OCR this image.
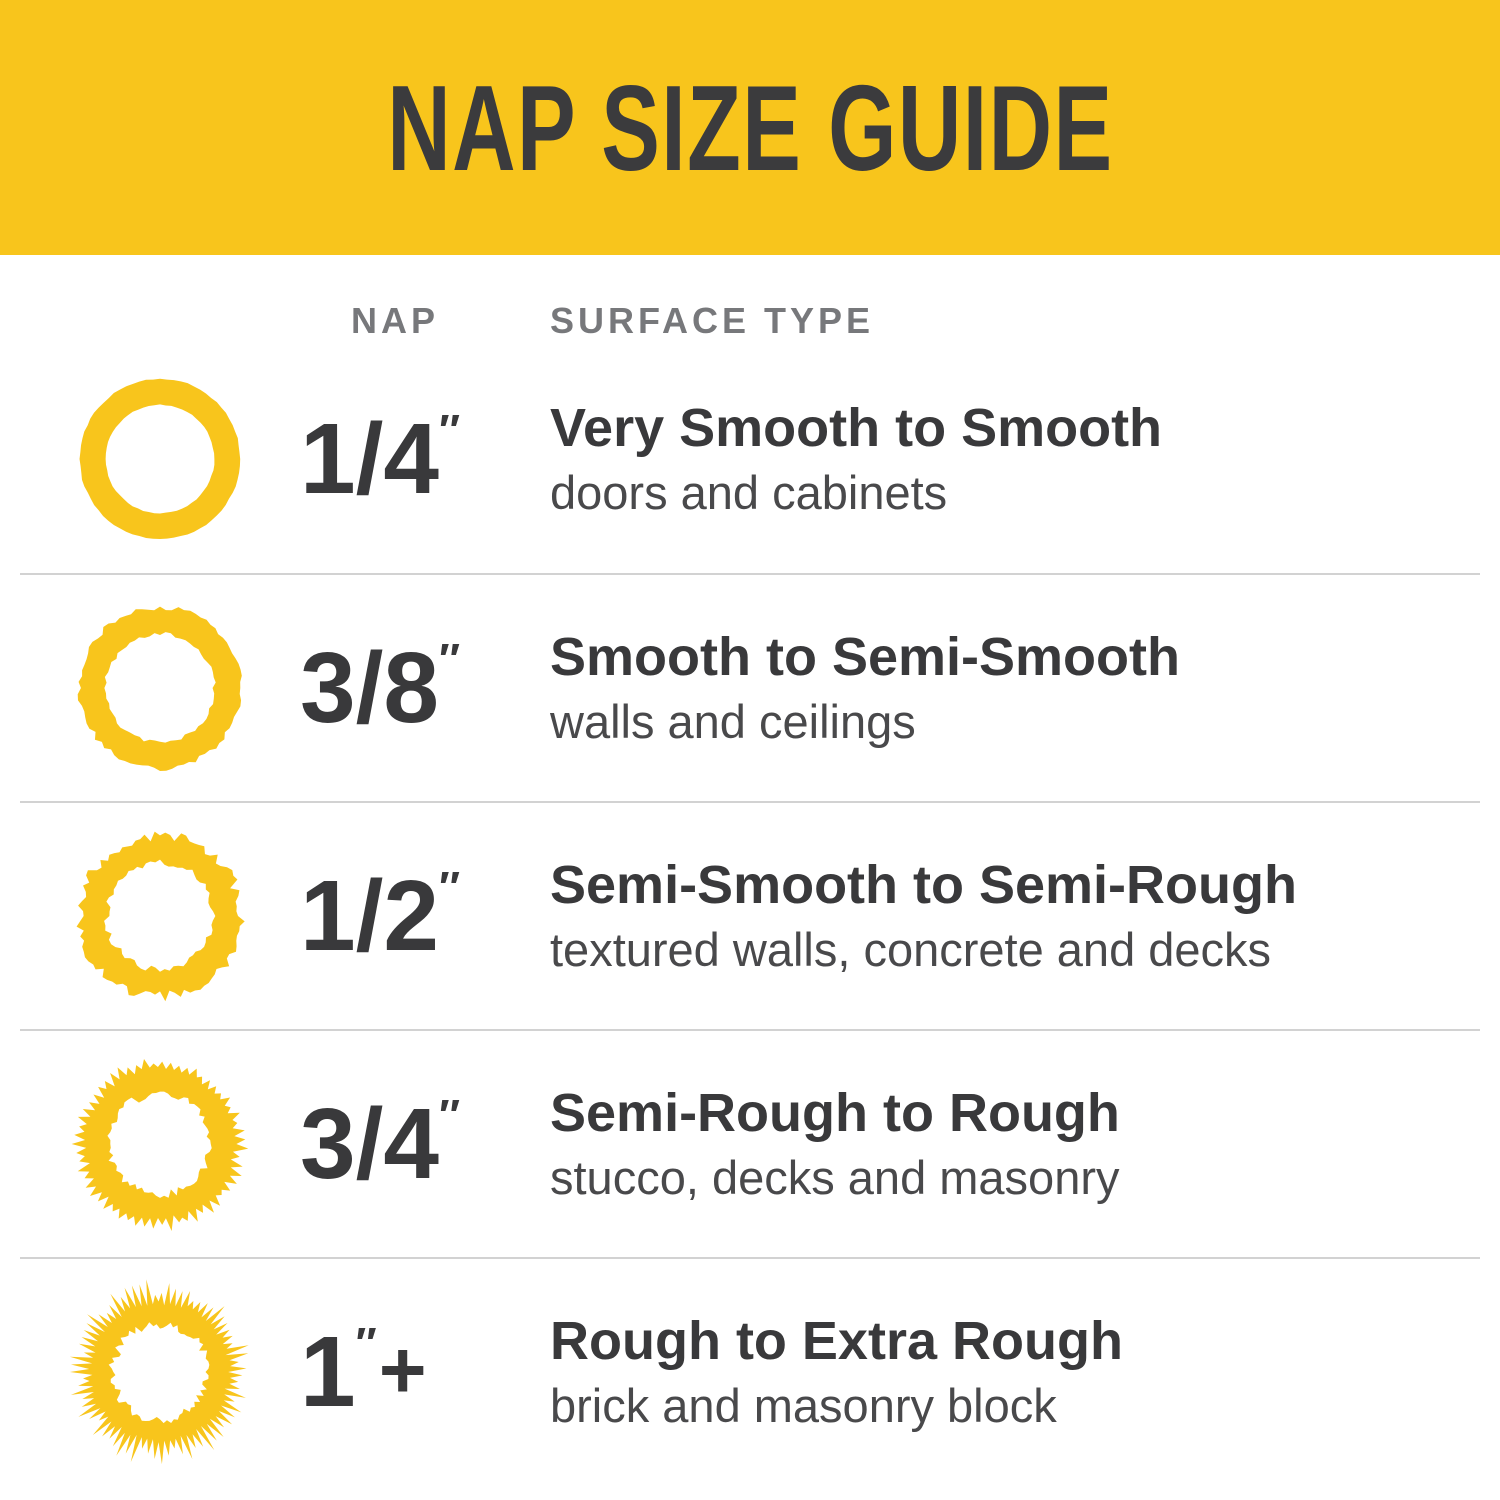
NAP SIZE GUIDE
NAP	SURFACE TYPE
1/4″	Very Smooth to Smooth
doors and cabinets
3/8″	Smooth to Semi-Smooth
walls and ceilings
1/2″	Semi-Smooth to Semi-Rough
textured walls, concrete and decks
3/4″	Semi-Rough to Rough
stucco, decks and masonry
1″+	Rough to Extra Rough
brick and masonry block
